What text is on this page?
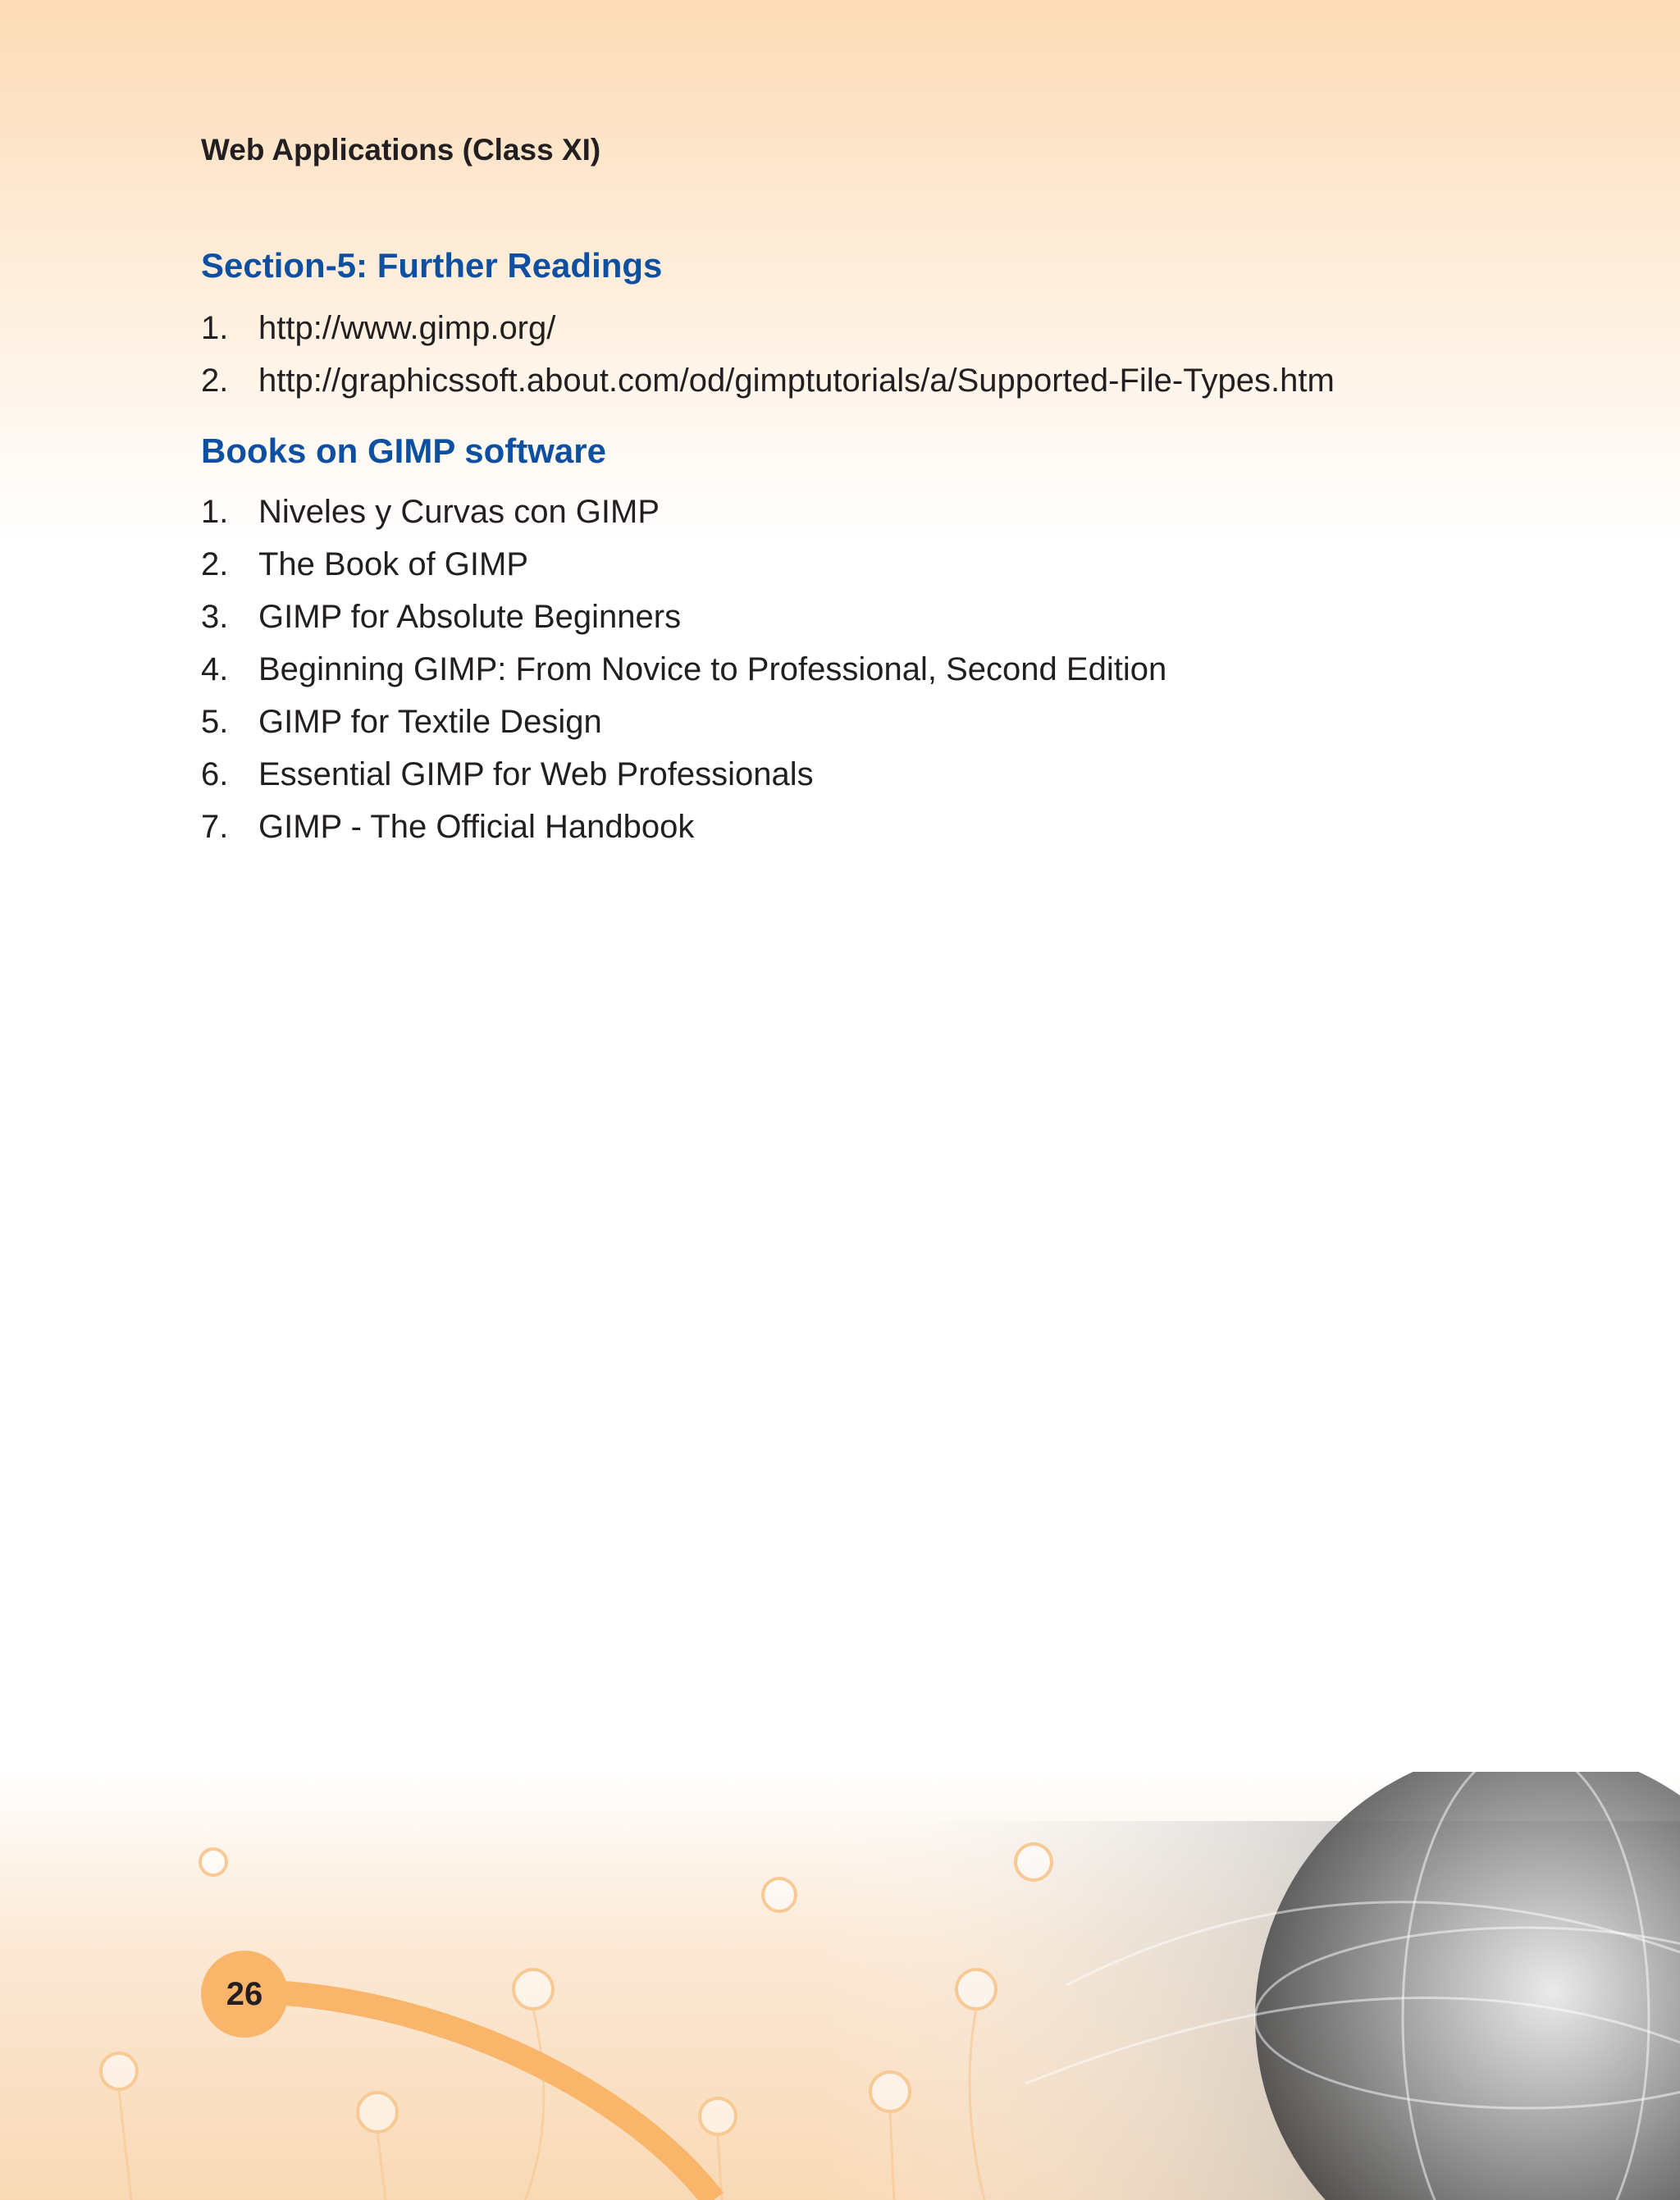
Web Applications (Class XI)
Section-5: Further Readings
1. http://www.gimp.org/
2. http://graphicssoft.about.com/od/gimptutorials/a/Supported-File-Types.htm
Books on GIMP software
1. Niveles y Curvas con GIMP
2. The Book of GIMP
3. GIMP for Absolute Beginners
4. Beginning GIMP: From Novice to Professional, Second Edition
5. GIMP for Textile Design
6. Essential GIMP for Web Professionals
7. GIMP - The Official Handbook
26
